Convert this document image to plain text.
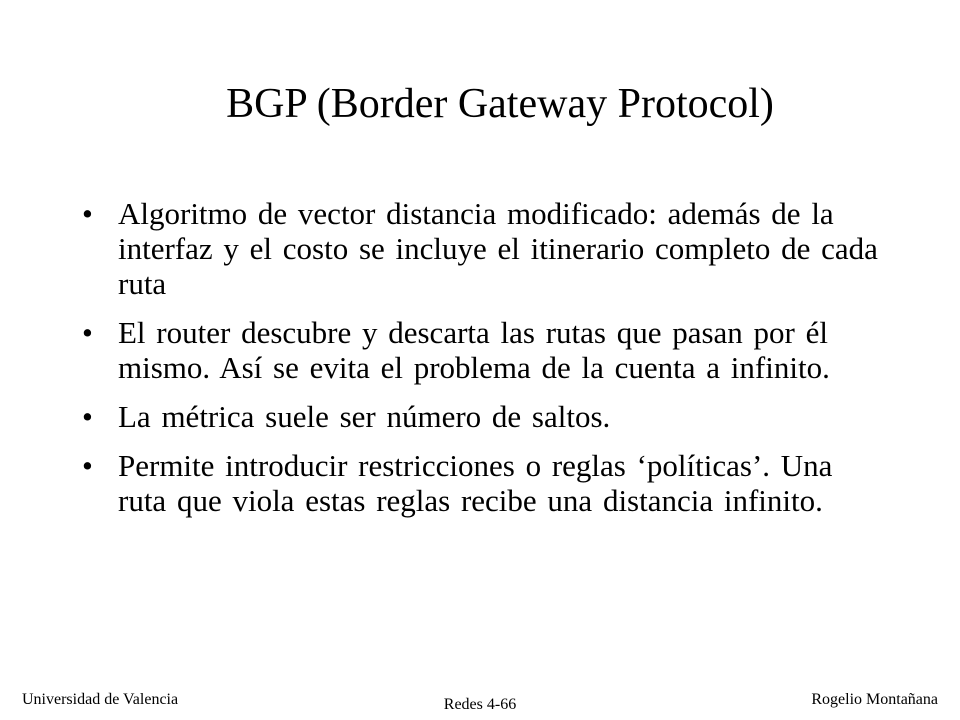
BGP (Border Gateway Protocol)
• Algoritmo de vector distancia modificado: además de la interfaz y el costo se incluye el itinerario completo de cada ruta
• El router descubre y descarta las rutas que pasan por él mismo. Así se evita el problema de la cuenta a infinito.
• La métrica suele ser número de saltos.
• Permite introducir restricciones o reglas ‘políticas’. Una ruta que viola estas reglas recibe una distancia infinito.
Universidad de Valencia	Redes 4-66	Rogelio Montañana
